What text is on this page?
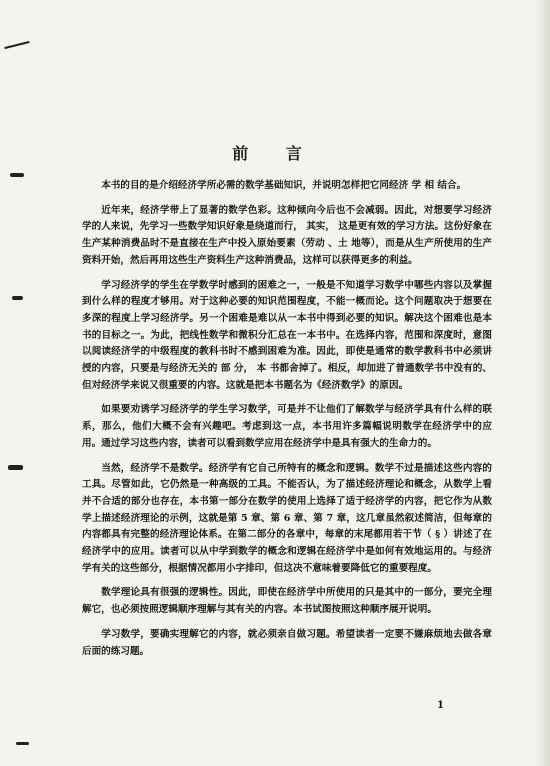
前 言

本书的目的是介绍经济学所必需的数学基础知识，并说明怎样把它同经济 学 相 结合。

近年来，经济学带上了显著的数学色彩。这种倾向今后也不会减弱。因此，对想要学习经济学的人来说，先学习一些数学知识好象是绕道而行， 其实， 这是更有效的学习方法。这份好象在生产某种消费品时不是直接在生产中投入原始要素（劳动 、土 地等），而是从生产所使用的生产资料开始，然后再用这些生产资料生产这种消费品，这样可以获得更多的利益。

学习经济学的学生在学数学时感到的困难之一，一般是不知道学习数学中哪些内容以及掌握到什么样的程度才够用。对于这种必要的知识范围程度，不能一概而论。这个问题取决于想要在多深的程度上学习经济学。另一个困难是难以从一本书中得到必要的知识。解决这个困难也是本书的目标之一。为此，把线性数学和微积分汇总在一本书中。在选择内容，范围和深度时，意图以阅读经济学的中级程度的教科书时不感到困难为准。因此，即使是通常的数学教科书中必须讲授的内容，只要是与经济无关的 部 分， 本 书都舍掉了。相反，却加进了普通数学书中没有的、但对经济学来说又很重要的内容。这就是把本书题名为《经济数学》的原因。

如果要劝诱学习经济学的学生学习数学，可是并不让他们了解数学与经济学具有什么样的联系，那么，他们大概不会有兴趣吧。考虑到这一点，本书用许多篇幅说明数学在经济学中的应用。通过学习这些内容，读者可以看到数学应用在经济学中是具有强大的生命力的。

当然，经济学不是数学。经济学有它自己所特有的概念和逻辑。数学不过是描述这些内容的工具。尽管如此，它仍然是一种高级的工具。不能否认，为了描述经济理论和概念，从数学上看并不合适的部分也存在，本书第一部分在数学的使用上选择了适于经济学的内容，把它作为从数学上描述经济理论的示例，这就是第 5 章、第 6 章、第 7 章，这几章虽然叙述简洁，但每章的内容都具有完整的经济理论体系。在第二部分的各章中，每章的末尾都用若干节（ § ）讲述了在经济学中的应用。读者可以从中学到数学的概念和逻辑在经济学中是如何有效地运用的。与经济学有关的这些部分，根据情况都用小字排印，但这决不意味着要降低它的重要程度。

数学理论具有很强的逻辑性。因此，即使在经济学中所使用的只是其中的一部分，要完全理解它，也必须按照逻辑顺序理解与其有关的内容。本书试图按照这种顺序展开说明。

学习数学，要确实理解它的内容，就必须亲自做习题。希望读者一定要不嫌麻烦地去做各章后面的练习题。

1
